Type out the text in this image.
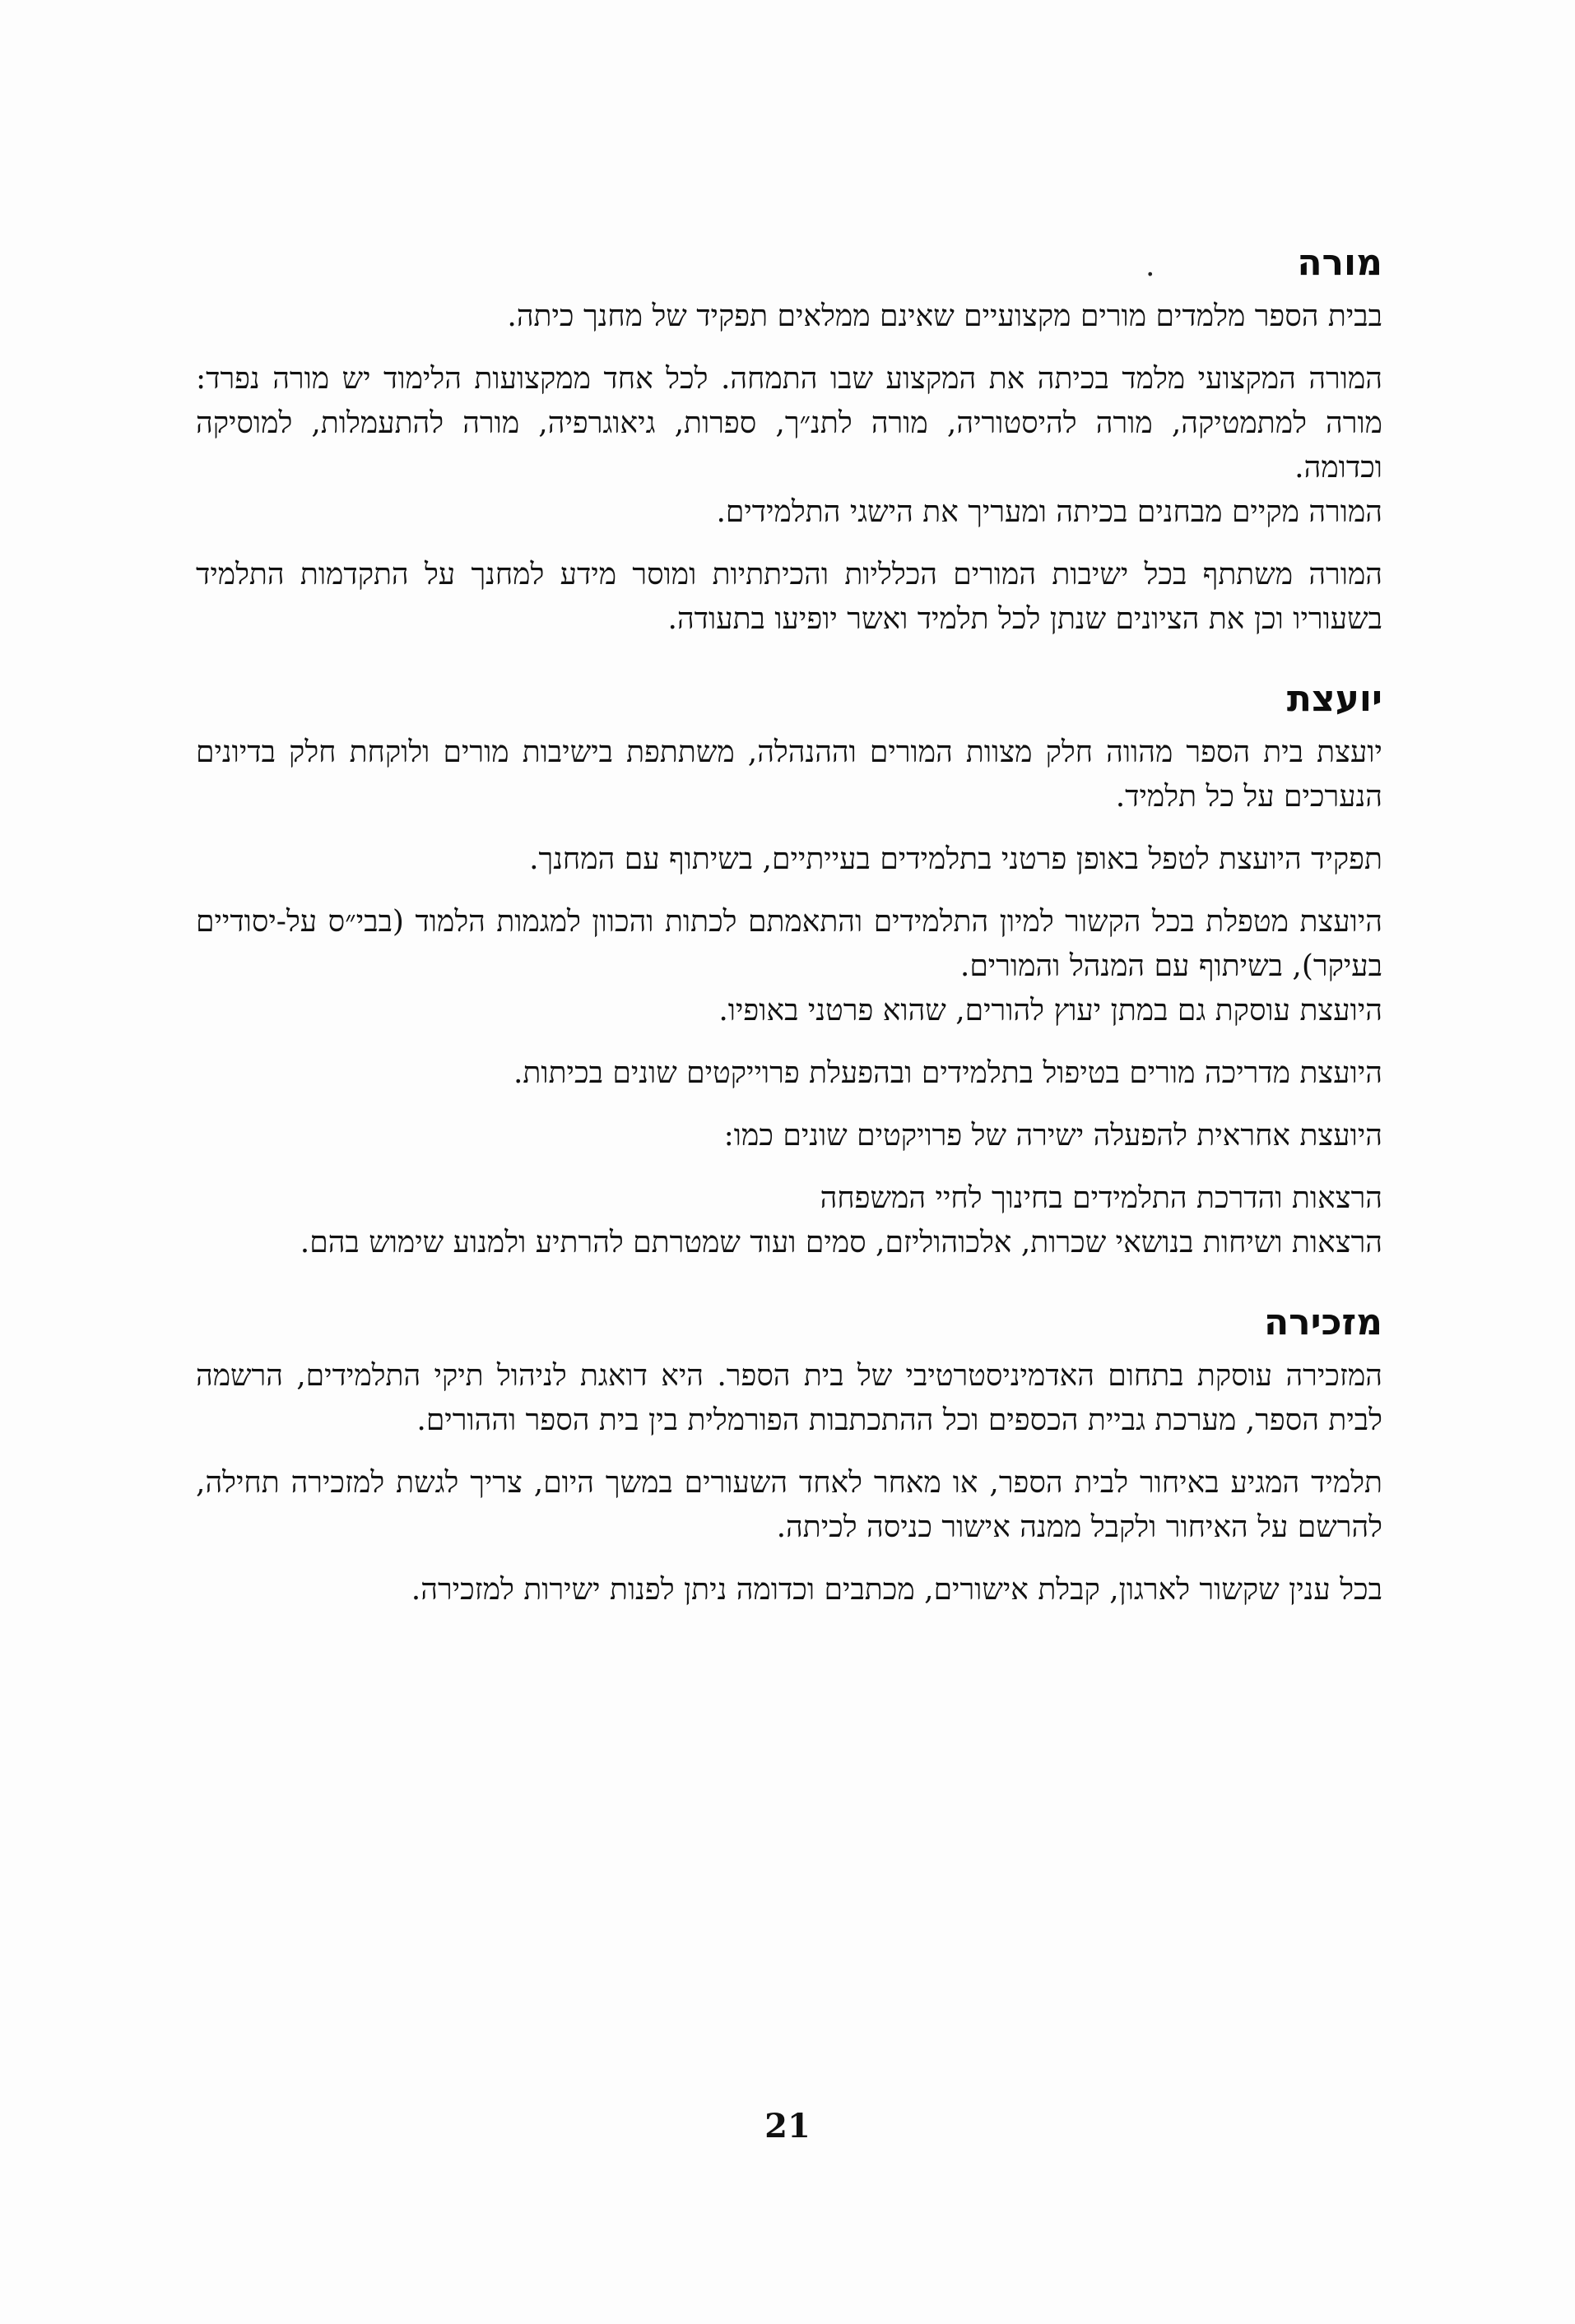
.	מורה

בבית הספר מלמדים מורים מקצועיים שאינם ממלאים תפקיד של מחנך כיתה.

המורה המקצועי מלמד בכיתה את המקצוע שבו התמחה. לכל אחד ממקצועות הלימוד יש מורה נפרד: מורה למתמטיקה, מורה להיסטוריה, מורה לתנ״ך, ספרות, גיאוגרפיה, מורה להתעמלות, למוסיקה וכדומה.

המורה מקיים מבחנים בכיתה ומעריך את הישגי התלמידים.

המורה משתתף בכל ישיבות המורים הכלליות והכיתתיות ומוסר מידע למחנך על התקדמות התלמיד בשעוריו וכן את הציונים שנתן לכל תלמיד ואשר יופיעו בתעודה.

יועצת

יועצת בית הספר מהווה חלק מצוות המורים וההנהלה, משתתפת בישיבות מורים ולוקחת חלק בדיונים הנערכים על כל תלמיד.

תפקיד היועצת לטפל באופן פרטני בתלמידים בעייתיים, בשיתוף עם המחנך.

היועצת מטפלת בכל הקשור למיון התלמידים והתאמתם לכתות והכוון למגמות הלמוד (בבי״ס על-יסודיים בעיקר), בשיתוף עם המנהל והמורים.

היועצת עוסקת גם במתן יעוץ להורים, שהוא פרטני באופיו.

היועצת מדריכה מורים בטיפול בתלמידים ובהפעלת פרוייקטים שונים בכיתות.

היועצת אחראית להפעלה ישירה של פרויקטים שונים כמו:

הרצאות והדרכת התלמידים בחינוך לחיי המשפחה

הרצאות ושיחות בנושאי שכרות, אלכוהוליזם, סמים ועוד שמטרתם להרתיע ולמנוע שימוש בהם.

מזכירה

המזכירה עוסקת בתחום האדמיניסטרטיבי של בית הספר. היא דואגת לניהול תיקי התלמידים, הרשמה לבית הספר, מערכת גביית הכספים וכל ההתכתבות הפורמלית בין בית הספר וההורים.

תלמיד המגיע באיחור לבית הספר, או מאחר לאחד השעורים במשך היום, צריך לגשת למזכירה תחילה, להרשם על האיחור ולקבל ממנה אישור כניסה לכיתה.

בכל ענין שקשור לארגון, קבלת אישורים, מכתבים וכדומה ניתן לפנות ישירות למזכירה.

21
